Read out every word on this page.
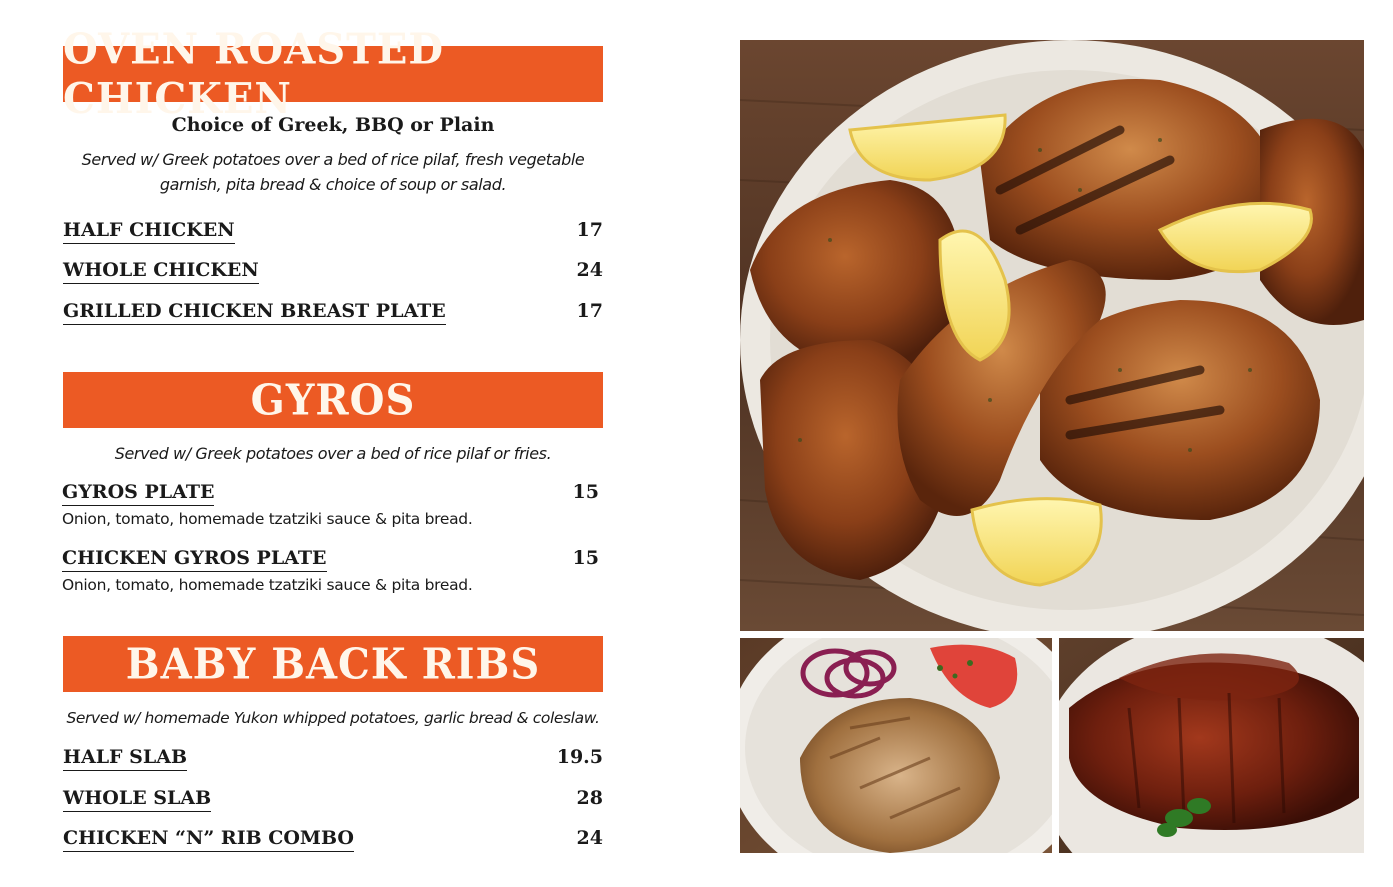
OVEN ROASTED CHICKEN
Choice of Greek, BBQ or Plain
Served w/ Greek potatoes over a bed of rice pilaf, fresh vegetable
garnish, pita bread & choice of soup or salad.
HALF CHICKEN	17
WHOLE CHICKEN	24
GRILLED CHICKEN BREAST PLATE	17
GYROS
Served w/ Greek potatoes over a bed of rice pilaf or fries.
GYROS PLATE	15
Onion, tomato, homemade tzatziki sauce & pita bread.
CHICKEN GYROS PLATE	15
Onion, tomato, homemade tzatziki sauce & pita bread.
BABY BACK RIBS
Served w/ homemade Yukon whipped potatoes, garlic bread & coleslaw.
HALF SLAB	19.5
WHOLE SLAB	28
CHICKEN “N” RIB COMBO	24
